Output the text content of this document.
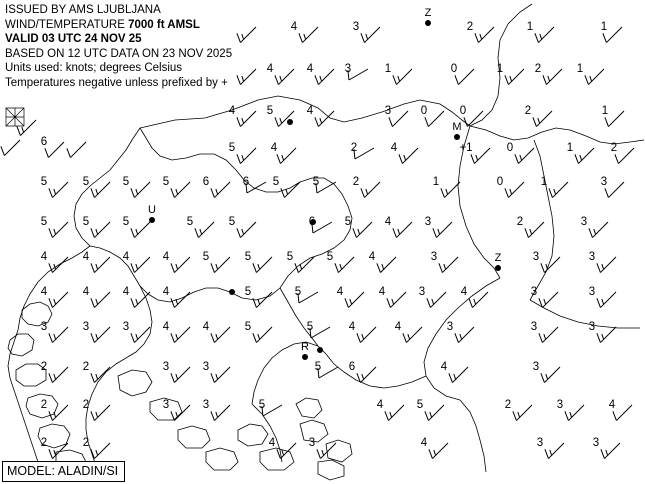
ISSUED BY AMS LJUBLJANA
WIND/TEMPERATURE 7000 ft AMSL
VALID 03 UTC 24 NOV 25
BASED ON 12 UTC DATA ON 23 NOV 2025
Units used: knots; degrees Celsius
Temperatures negative unless prefixed by +
4	3	2	1	1
4	4	3	1	0	1	2	1
4	5	4	3	0	0	2	1
6	5	4	2	4	+1	0	1	2
5	5	5	5	6	6 5	5	2	1	0	1	3
5	5	5	5	5	6	5	4	3	2	3
4	4	4	4	5	5	5	5	4	3	3	3
4	4	4	4	5	5	4	4	3	4	3	3
3	3	3	4	4	5	5	4	4	3	3	3
2	2	3	3	5 6	4	3
2	2	3	3	5	4	5	2	3	4
2	2	4	3	4	3	3
Z
M
U
Z
R
MODEL: ALADIN/SI
